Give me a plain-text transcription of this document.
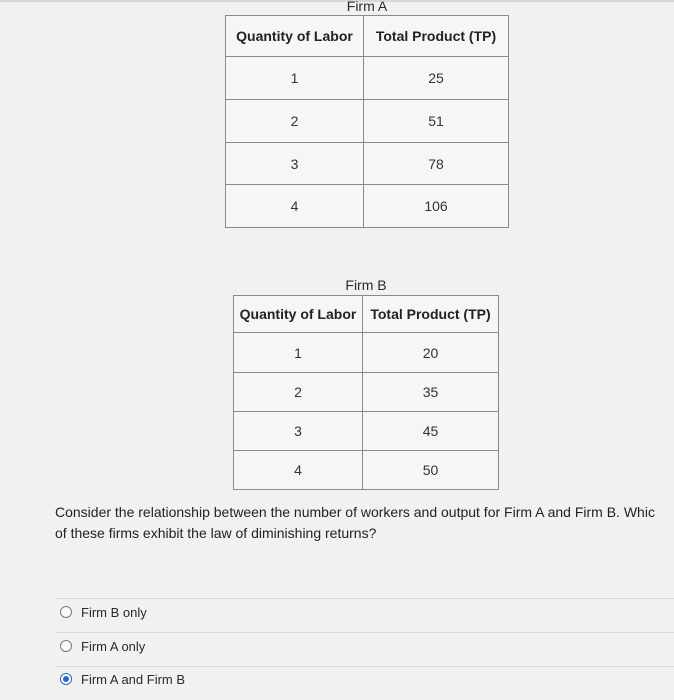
Firm A
Quantity of Labor	Total Product (TP)
1	25
2	51
3	78
4	106
Firm B
Quantity of Labor	Total Product (TP)
1	20
2	35
3	45
4	50
Consider the relationship between the number of workers and output for Firm A and Firm B. Whic
of these firms exhibit the law of diminishing returns?
Firm B only
Firm A only
Firm A and Firm B
